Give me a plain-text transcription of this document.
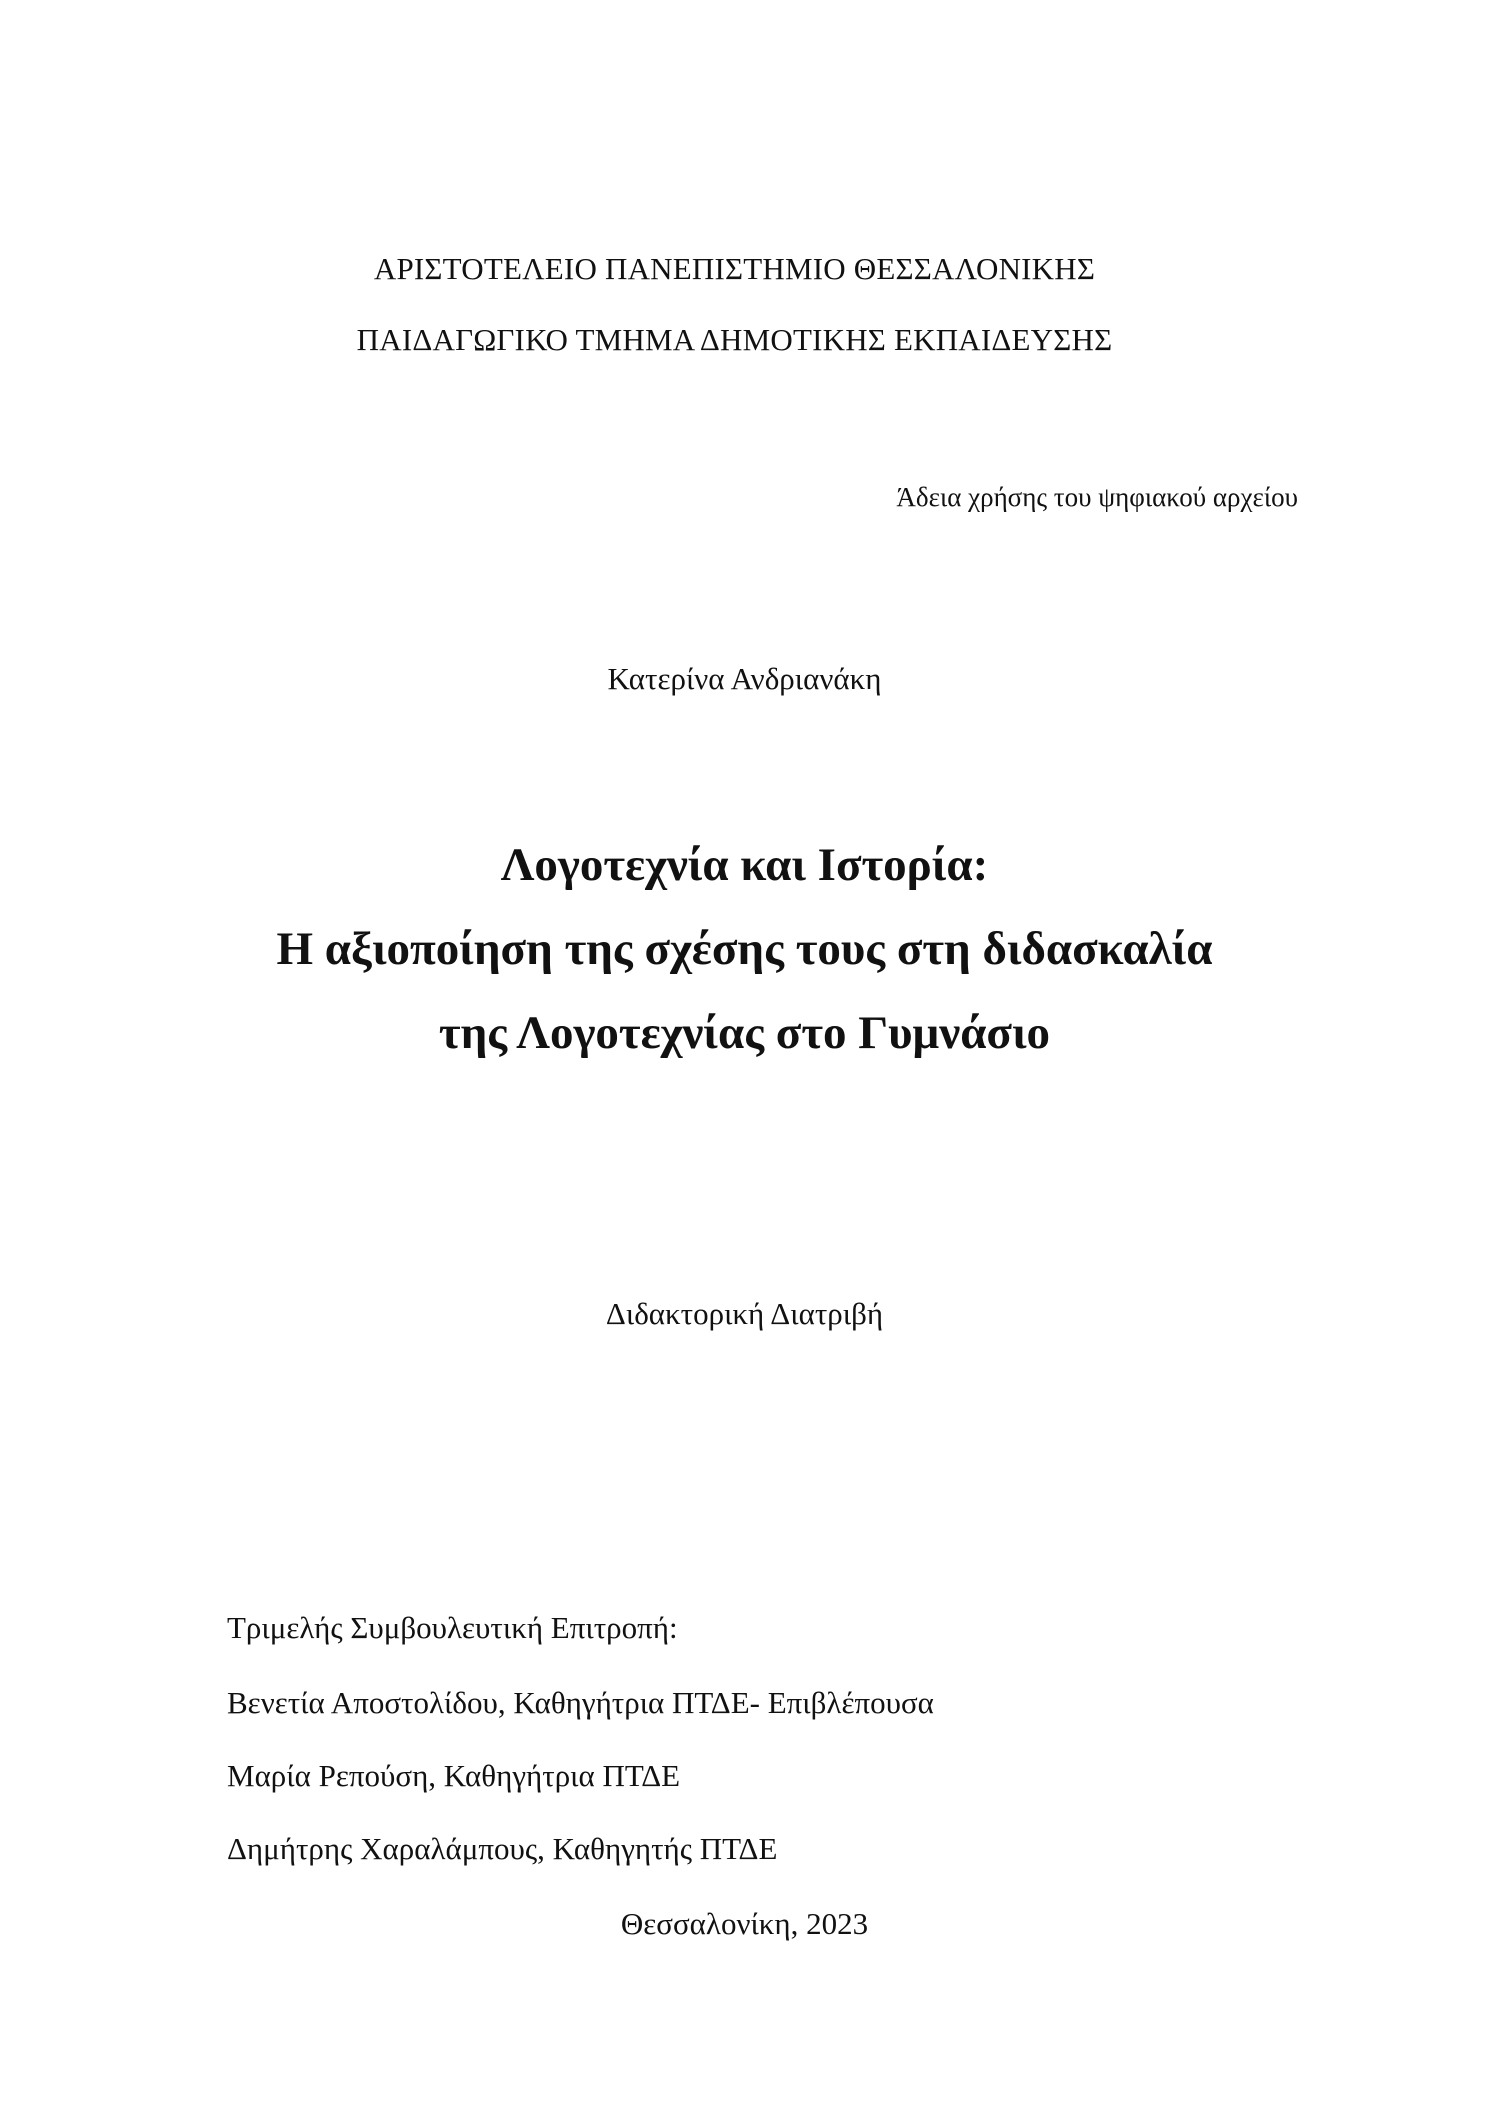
ΑΡΙΣΤΟΤΕΛΕΙΟ ΠΑΝΕΠΙΣΤΗΜΙΟ ΘΕΣΣΑΛΟΝΙΚΗΣ
ΠΑΙΔΑΓΩΓΙΚΟ ΤΜΗΜΑ ΔΗΜΟΤΙΚΗΣ ΕΚΠΑΙΔΕΥΣΗΣ
Άδεια χρήσης του ψηφιακού αρχείου
Κατερίνα Ανδριανάκη
Λογοτεχνία και Ιστορία:
Η αξιοποίηση της σχέσης τους στη διδασκαλία
της Λογοτεχνίας στο Γυμνάσιο
Διδακτορική Διατριβή
Τριμελής Συμβουλευτική Επιτροπή:
Βενετία Αποστολίδου, Καθηγήτρια ΠΤΔΕ- Επιβλέπουσα
Μαρία Ρεπούση, Καθηγήτρια ΠΤΔΕ
Δημήτρης Χαραλάμπους, Καθηγητής ΠΤΔΕ
Θεσσαλονίκη, 2023
